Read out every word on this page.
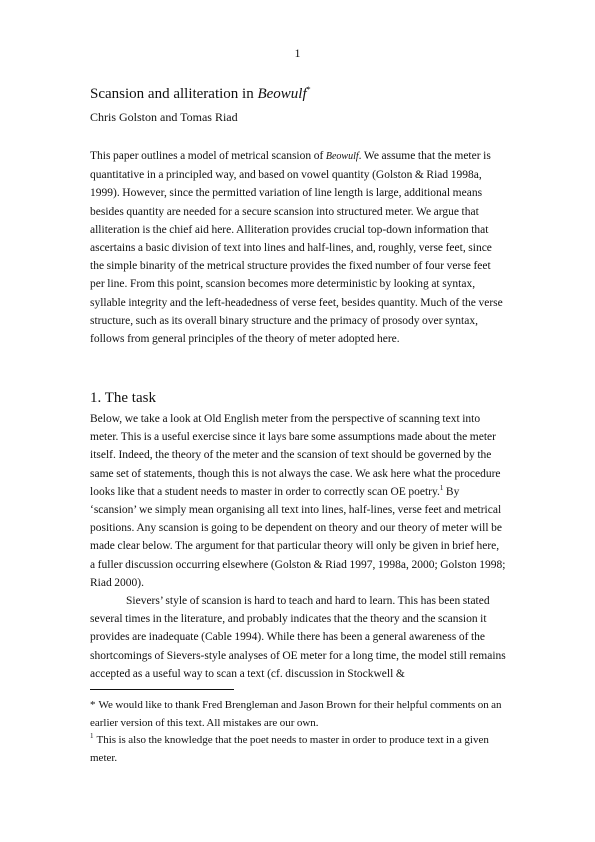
1
Scansion and alliteration in Beowulf*
Chris Golston and Tomas Riad

This paper outlines a model of metrical scansion of Beowulf. We assume that the meter is quantitative in a principled way, and based on vowel quantity (Golston & Riad 1998a, 1999). However, since the permitted variation of line length is large, additional means besides quantity are needed for a secure scansion into structured meter. We argue that alliteration is the chief aid here. Alliteration provides crucial top-down information that ascertains a basic division of text into lines and half-lines, and, roughly, verse feet, since the simple binarity of the metrical structure provides the fixed number of four verse feet per line. From this point, scansion becomes more deterministic by looking at syntax, syllable integrity and the left-headedness of verse feet, besides quantity. Much of the verse structure, such as its overall binary structure and the primacy of prosody over syntax, follows from general principles of the theory of meter adopted here.

1. The task

Below, we take a look at Old English meter from the perspective of scanning text into meter. This is a useful exercise since it lays bare some assumptions made about the meter itself. Indeed, the theory of the meter and the scansion of text should be governed by the same set of statements, though this is not always the case. We ask here what the procedure looks like that a student needs to master in order to correctly scan OE poetry.$^1$ By ‘scansion’ we simply mean organising all text into lines, half-lines, verse feet and metrical positions. Any scansion is going to be dependent on theory and our theory of meter will be made clear below. The argument for that particular theory will only be given in brief here, a fuller discussion occurring elsewhere (Golston & Riad 1997, 1998a, 2000; Golston 1998; Riad 2000).

Sievers’ style of scansion is hard to teach and hard to learn. This has been stated several times in the literature, and probably indicates that the theory and the scansion it provides are inadequate (Cable 1994). While there has been a general awareness of the shortcomings of Sievers-style analyses of OE meter for a long time, the model still remains accepted as a useful way to scan a text (cf. discussion in Stockwell &

* We would like to thank Fred Brengleman and Jason Brown for their helpful comments on an earlier version of this text. All mistakes are our own.

$^1$ This is also the knowledge that the poet needs to master in order to produce text in a given meter.
